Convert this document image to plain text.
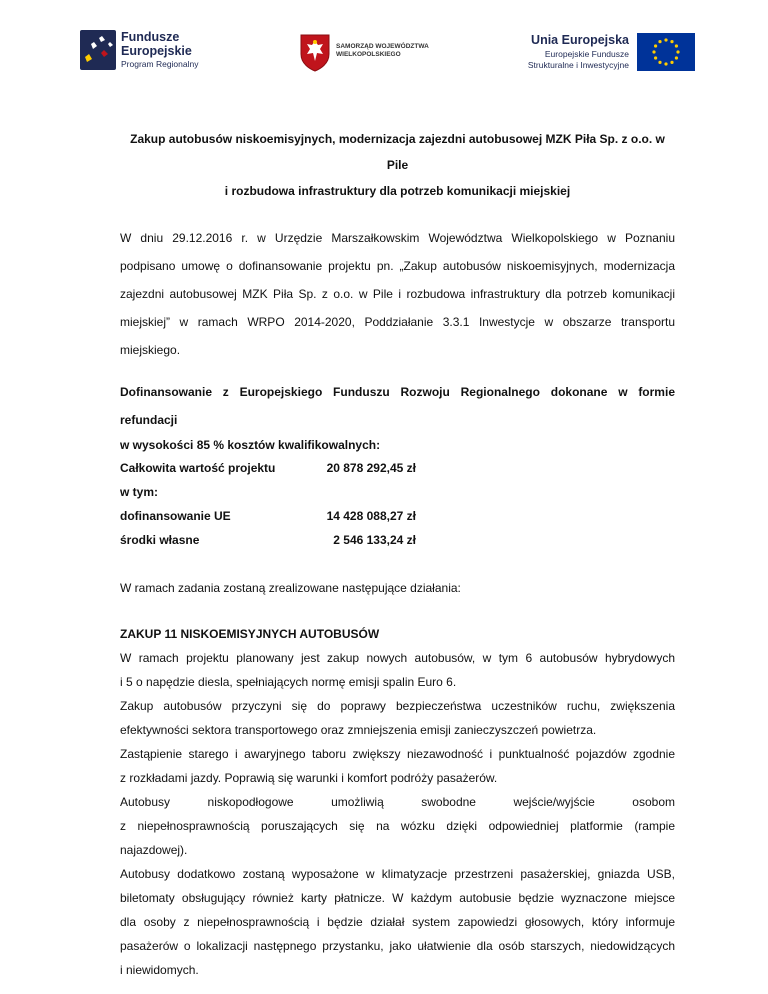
Fundusze
Europejskie
Program Regionalny
SAMORZĄD WOJEWÓDZTWA
WIELKOPOLSKIEGO
Unia Europejska
Europejskie Fundusze
Strukturalne i Inwestycyjne

Zakup autobusów niskoemisyjnych, modernizacja zajezdni autobusowej MZK Piła Sp. z o.o. w Pile

i rozbudowa infrastruktury dla potrzeb komunikacji miejskiej

W dniu 29.12.2016 r. w Urzędzie Marszałkowskim Województwa Wielkopolskiego w Poznaniu
podpisano umowę o dofinansowanie projektu pn. „Zakup autobusów niskoemisyjnych, modernizacja
zajezdni autobusowej MZK Piła Sp. z o.o. w Pile i rozbudowa infrastruktury dla potrzeb komunikacji
miejskiej” w ramach WRPO 2014-2020, Poddziałanie 3.3.1 Inwestycje w obszarze transportu
miejskiego.

Dofinansowanie z Europejskiego Funduszu Rozwoju Regionalnego dokonane w formie refundacji
w wysokości 85 % kosztów kwalifikowalnych:

Całkowita wartość projektu	20 878 292,45 zł
w tym:
dofinansowanie UE	14 428 088,27 zł
środki własne	2 546 133,24 zł

W ramach zadania zostaną zrealizowane następujące działania:

ZAKUP 11 NISKOEMISYJNYCH AUTOBUSÓW

W ramach projektu planowany jest zakup nowych autobusów, w tym 6 autobusów hybrydowych
i 5 o napędzie diesla, spełniających normę emisji spalin Euro 6.
Zakup autobusów przyczyni się do poprawy bezpieczeństwa uczestników ruchu, zwiększenia
efektywności sektora transportowego oraz zmniejszenia emisji zanieczyszczeń powietrza.
Zastąpienie starego i awaryjnego taboru zwiększy niezawodność i punktualność pojazdów zgodnie
z rozkładami jazdy. Poprawią się warunki i komfort podróży pasażerów.
Autobusy niskopodłogowe umożliwią swobodne wejście/wyjście osobom
z niepełnosprawnością poruszających się na wózku dzięki odpowiedniej platformie (rampie
najazdowej).
Autobusy dodatkowo zostaną wyposażone w klimatyzacje przestrzeni pasażerskiej, gniazda USB,
biletomaty obsługujący również karty płatnicze. W każdym autobusie będzie wyznaczone miejsce
dla osoby z niepełnosprawnością i będzie działał system zapowiedzi głosowych, który informuje
pasażerów o lokalizacji następnego przystanku, jako ułatwienie dla osób starszych, niedowidzących
i niewidomych.
